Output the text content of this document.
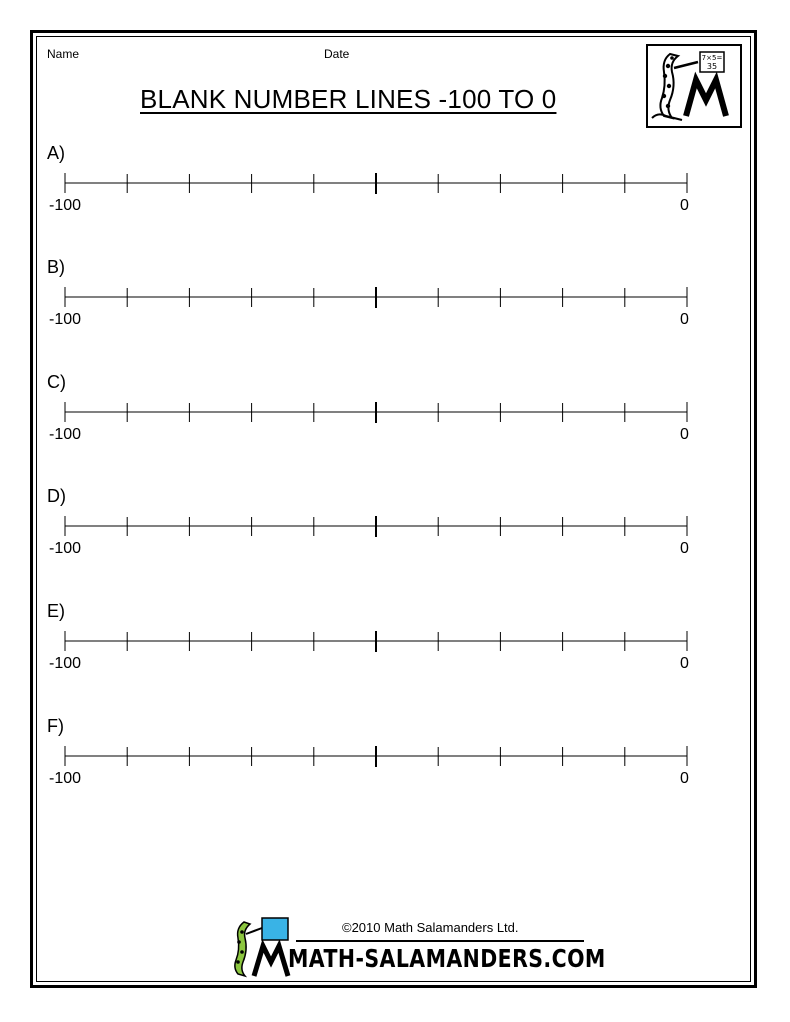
Name	Date
BLANK NUMBER LINES -100 TO 0
7×5=
35
A)
-100	0
B)
-100	0
C)
-100	0
D)
-100	0
E)
-100	0
F)
-100	0
©2010 Math Salamanders Ltd.
MATH-SALAMANDERS.COM
